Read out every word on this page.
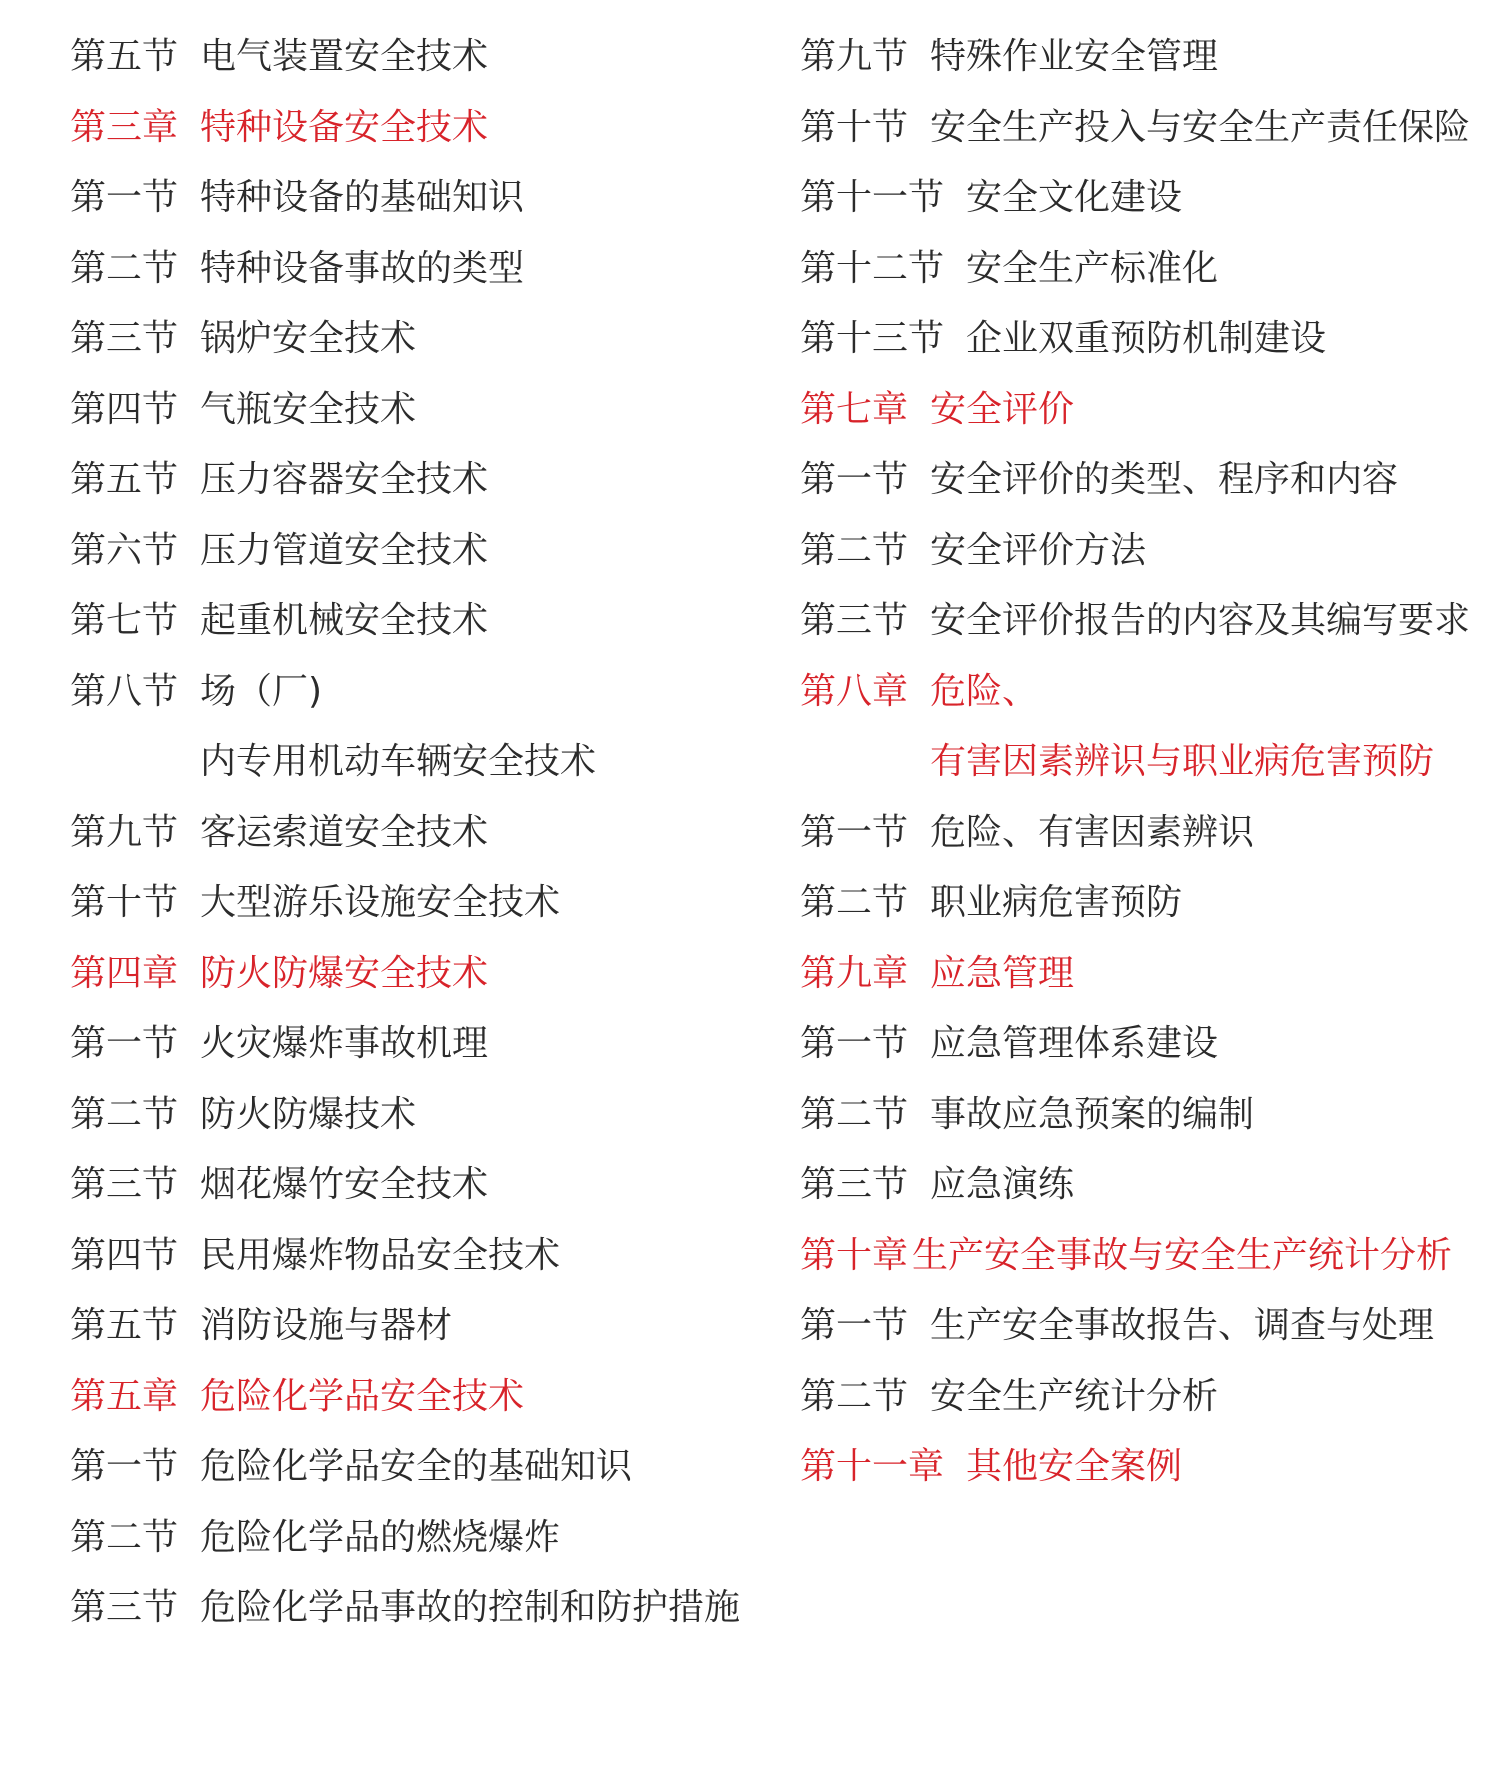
第五节 电气装置安全技术
第三章 特种设备安全技术
第一节 特种设备的基础知识
第二节 特种设备事故的类型
第三节 锅炉安全技术
第四节 气瓶安全技术
第五节 压力容器安全技术
第六节 压力管道安全技术
第七节 起重机械安全技术
第八节 场（厂)内专用机动车辆安全技术
第九节 客运索道安全技术
第十节 大型游乐设施安全技术
第四章 防火防爆安全技术
第一节 火灾爆炸事故机理
第二节 防火防爆技术
第三节 烟花爆竹安全技术
第四节 民用爆炸物品安全技术
第五节 消防设施与器材
第五章 危险化学品安全技术
第一节 危险化学品安全的基础知识
第二节 危险化学品的燃烧爆炸
第三节 危险化学品事故的控制和防护措施
第九节 特殊作业安全管理
第十节 安全生产投入与安全生产责任保险
第十一节 安全文化建设
第十二节 安全生产标准化
第十三节 企业双重预防机制建设
第七章 安全评价
第一节 安全评价的类型、程序和内容
第二节 安全评价方法
第三节 安全评价报告的内容及其编写要求
第八章 危险、有害因素辨识与职业病危害预防
第一节 危险、有害因素辨识
第二节 职业病危害预防
第九章 应急管理
第一节 应急管理体系建设
第二节 事故应急预案的编制
第三节 应急演练
第十章 生产安全事故与安全生产统计分析
第一节 生产安全事故报告、调查与处理
第二节 安全生产统计分析
第十一章 其他安全案例
